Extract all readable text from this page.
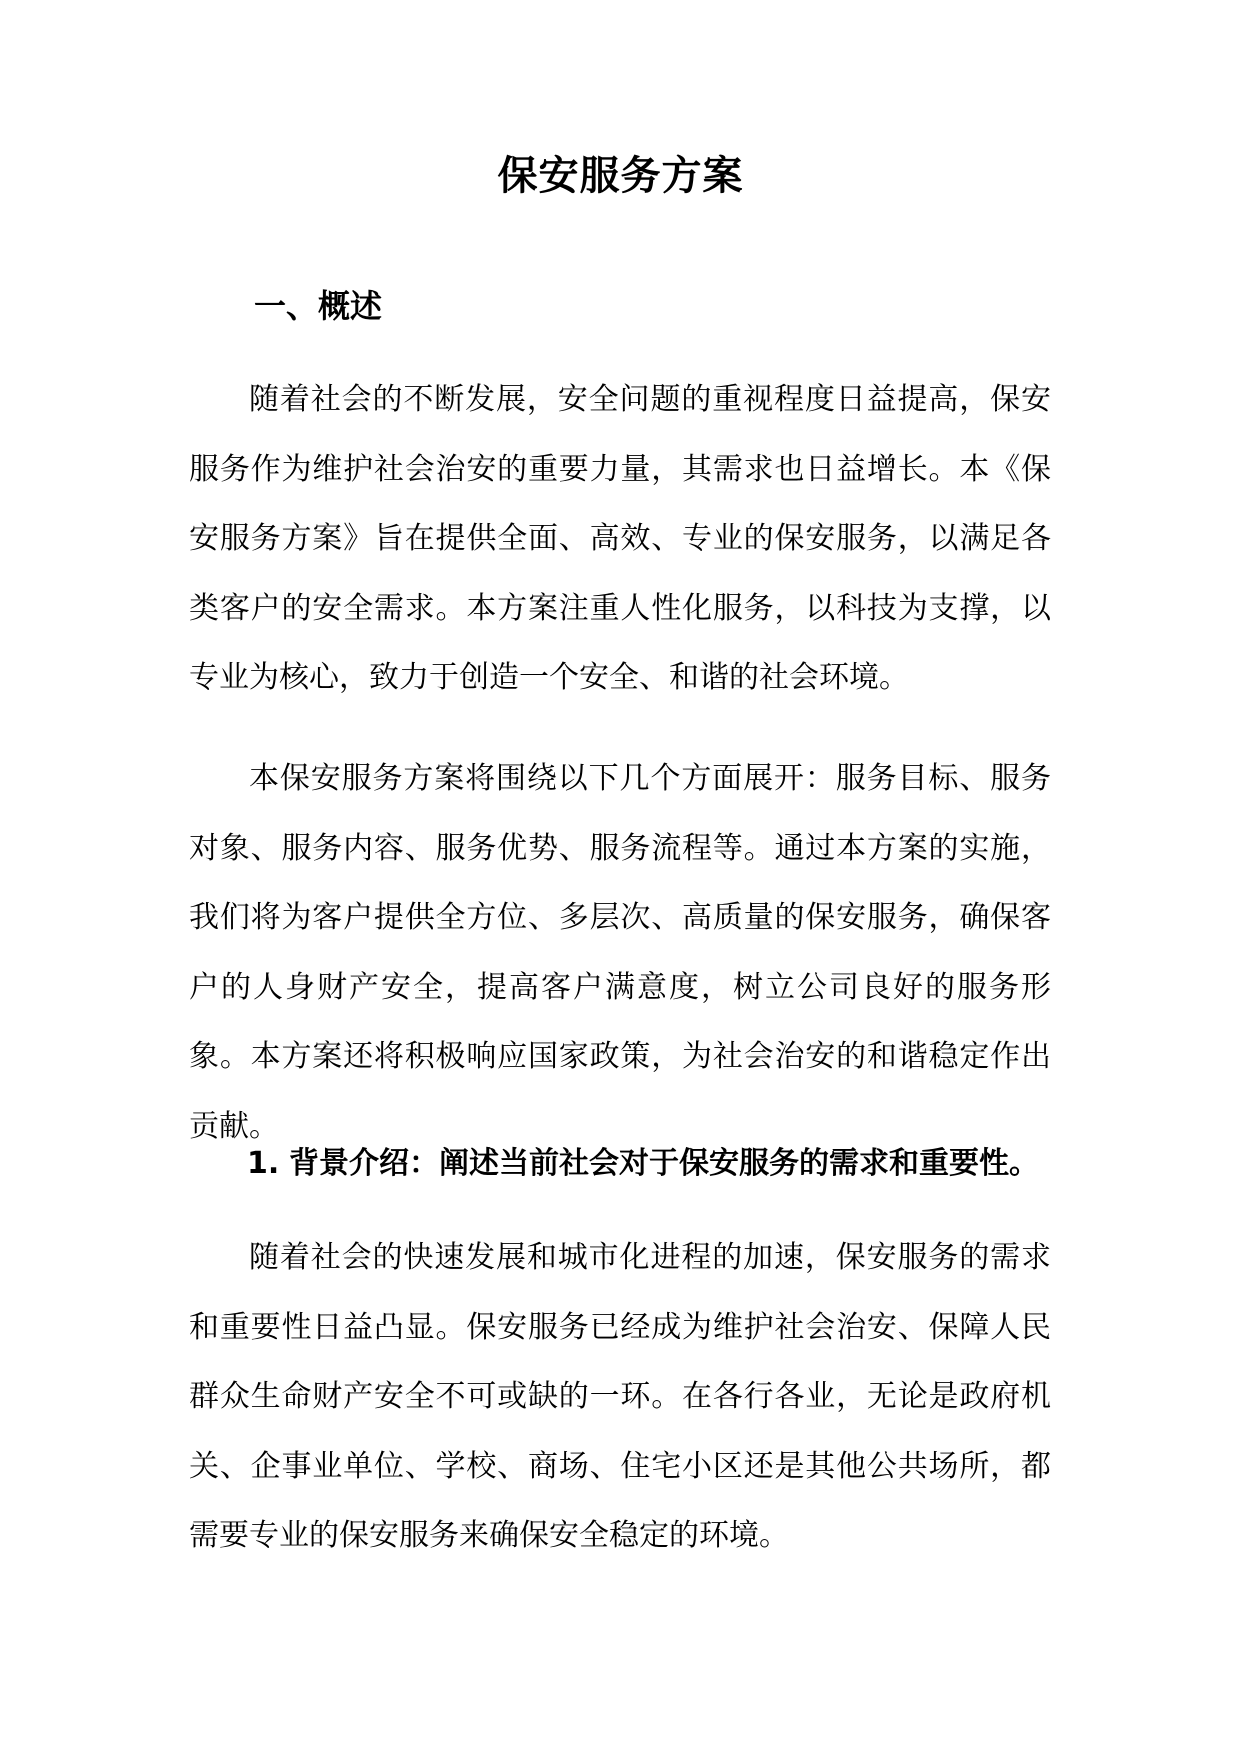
保安服务方案
一、概述

随着社会的不断发展，安全问题的重视程度日益提高，保安服务作为维护社会治安的重要力量，其需求也日益增长。本《保安服务方案》旨在提供全面、高效、专业的保安服务，以满足各类客户的安全需求。本方案注重人性化服务，以科技为支撑，以专业为核心，致力于创造一个安全、和谐的社会环境。

本保安服务方案将围绕以下几个方面展开：服务目标、服务对象、服务内容、服务优势、服务流程等。通过本方案的实施，我们将为客户提供全方位、多层次、高质量的保安服务，确保客户的人身财产安全，提高客户满意度，树立公司良好的服务形象。本方案还将积极响应国家政策，为社会治安的和谐稳定作出贡献。

1. 背景介绍：阐述当前社会对于保安服务的需求和重要性。

随着社会的快速发展和城市化进程的加速，保安服务的需求和重要性日益凸显。保安服务已经成为维护社会治安、保障人民群众生命财产安全不可或缺的一环。在各行各业，无论是政府机关、企事业单位、学校、商场、住宅小区还是其他公共场所，都需要专业的保安服务来确保安全稳定的环境。
